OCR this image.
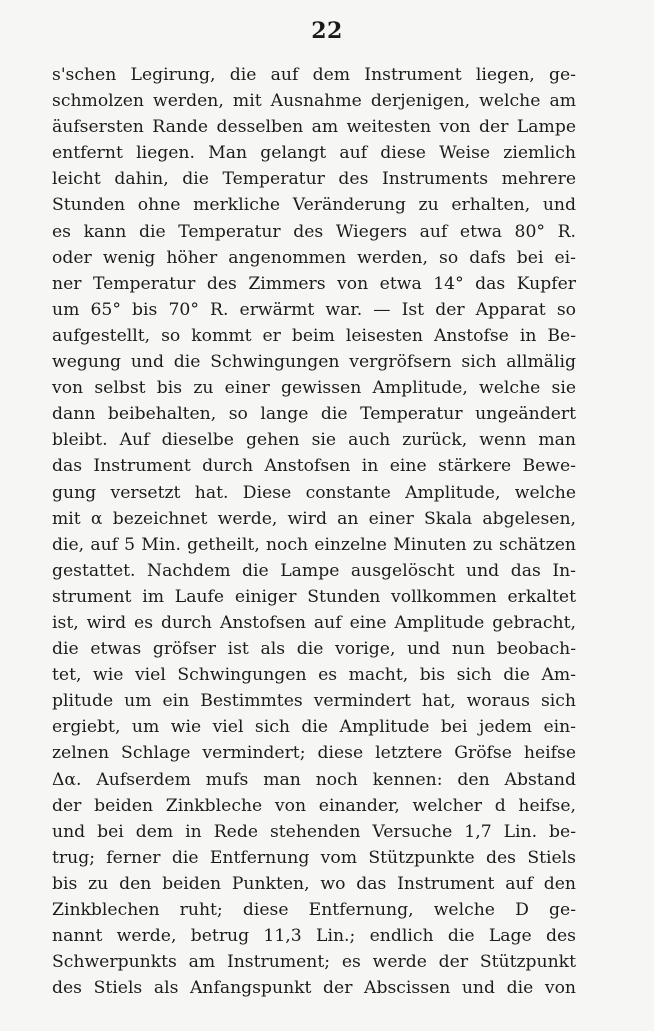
22
s'schen Legirung, die auf dem Instrument liegen, ge-
schmolzen werden, mit Ausnahme derjenigen, welche am
äufsersten Rande desselben am weitesten von der Lampe
entfernt liegen. Man gelangt auf diese Weise ziemlich
leicht dahin, die Temperatur des Instruments mehrere
Stunden ohne merkliche Veränderung zu erhalten, und
es kann die Temperatur des Wiegers auf etwa 80° R.
oder wenig höher angenommen werden, so dafs bei ei-
ner Temperatur des Zimmers von etwa 14° das Kupfer
um 65° bis 70° R. erwärmt war. — Ist der Apparat so
aufgestellt, so kommt er beim leisesten Anstofse in Be-
wegung und die Schwingungen vergröfsern sich allmälig
von selbst bis zu einer gewissen Amplitude, welche sie
dann beibehalten, so lange die Temperatur ungeändert
bleibt. Auf dieselbe gehen sie auch zurück, wenn man
das Instrument durch Anstofsen in eine stärkere Bewe-
gung versetzt hat. Diese constante Amplitude, welche
mit α bezeichnet werde, wird an einer Skala abgelesen,
die, auf 5 Min. getheilt, noch einzelne Minuten zu schätzen
gestattet. Nachdem die Lampe ausgelöscht und das In-
strument im Laufe einiger Stunden vollkommen erkaltet
ist, wird es durch Anstofsen auf eine Amplitude gebracht,
die etwas gröfser ist als die vorige, und nun beobach-
tet, wie viel Schwingungen es macht, bis sich die Am-
plitude um ein Bestimmtes vermindert hat, woraus sich
ergiebt, um wie viel sich die Amplitude bei jedem ein-
zelnen Schlage vermindert; diese letztere Gröfse heifse
Δα. Aufserdem mufs man noch kennen: den Abstand
der beiden Zinkbleche von einander, welcher d heifse,
und bei dem in Rede stehenden Versuche 1,7 Lin. be-
trug; ferner die Entfernung vom Stützpunkte des Stiels
bis zu den beiden Punkten, wo das Instrument auf den
Zinkblechen ruht; diese Entfernung, welche D ge-
nannt werde, betrug 11,3 Lin.; endlich die Lage des
Schwerpunkts am Instrument; es werde der Stützpunkt
des Stiels als Anfangspunkt der Abscissen und die von
